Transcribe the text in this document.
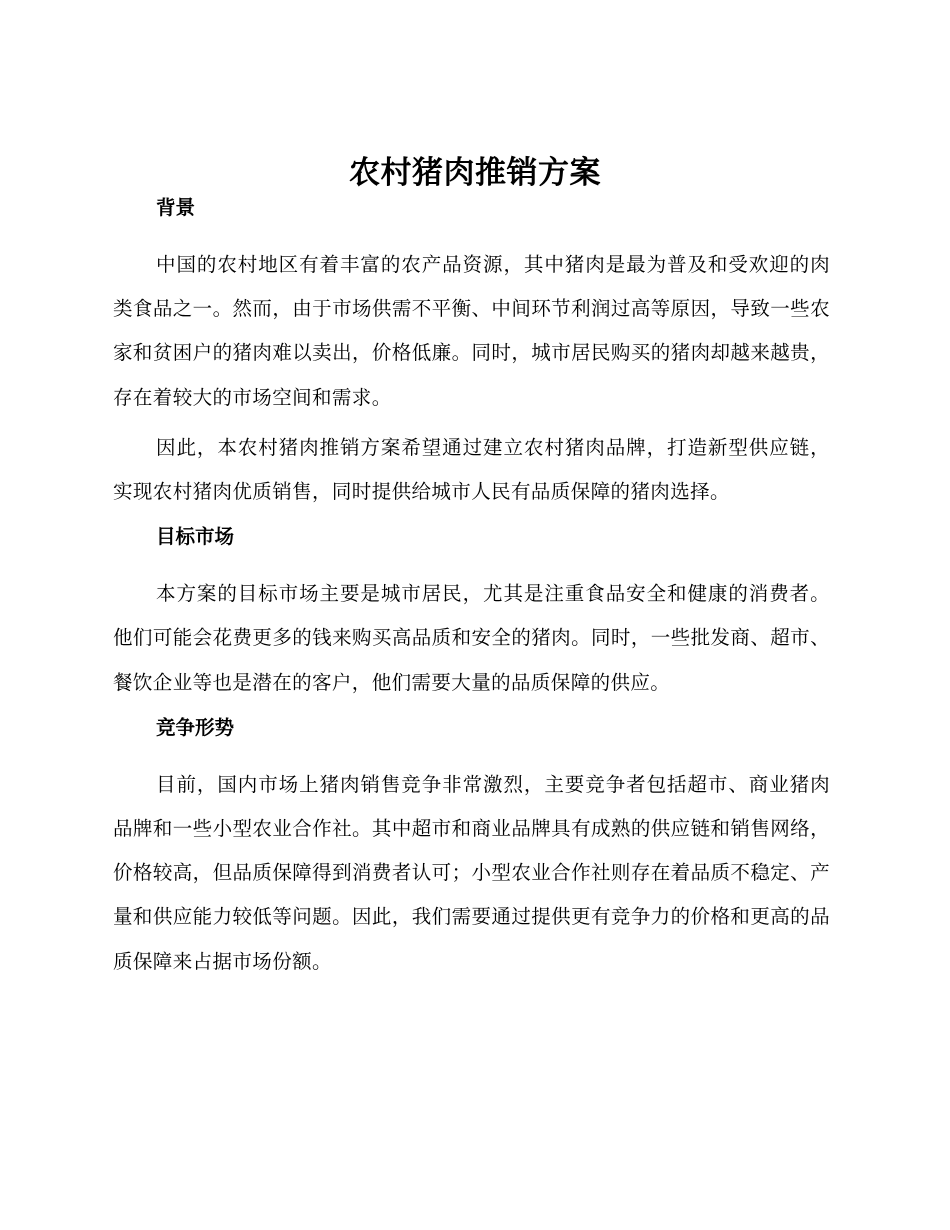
农村猪肉推销方案
背景

中国的农村地区有着丰富的农产品资源，其中猪肉是最为普及和受欢迎的肉类食品之一。然而，由于市场供需不平衡、中间环节利润过高等原因，导致一些农家和贫困户的猪肉难以卖出，价格低廉。同时，城市居民购买的猪肉却越来越贵，存在着较大的市场空间和需求。

因此，本农村猪肉推销方案希望通过建立农村猪肉品牌，打造新型供应链，实现农村猪肉优质销售，同时提供给城市人民有品质保障的猪肉选择。

目标市场

本方案的目标市场主要是城市居民，尤其是注重食品安全和健康的消费者。他们可能会花费更多的钱来购买高品质和安全的猪肉。同时，一些批发商、超市、餐饮企业等也是潜在的客户，他们需要大量的品质保障的供应。

竞争形势

目前，国内市场上猪肉销售竞争非常激烈，主要竞争者包括超市、商业猪肉品牌和一些小型农业合作社。其中超市和商业品牌具有成熟的供应链和销售网络，价格较高，但品质保障得到消费者认可；小型农业合作社则存在着品质不稳定、产量和供应能力较低等问题。因此，我们需要通过提供更有竞争力的价格和更高的品质保障来占据市场份额。
